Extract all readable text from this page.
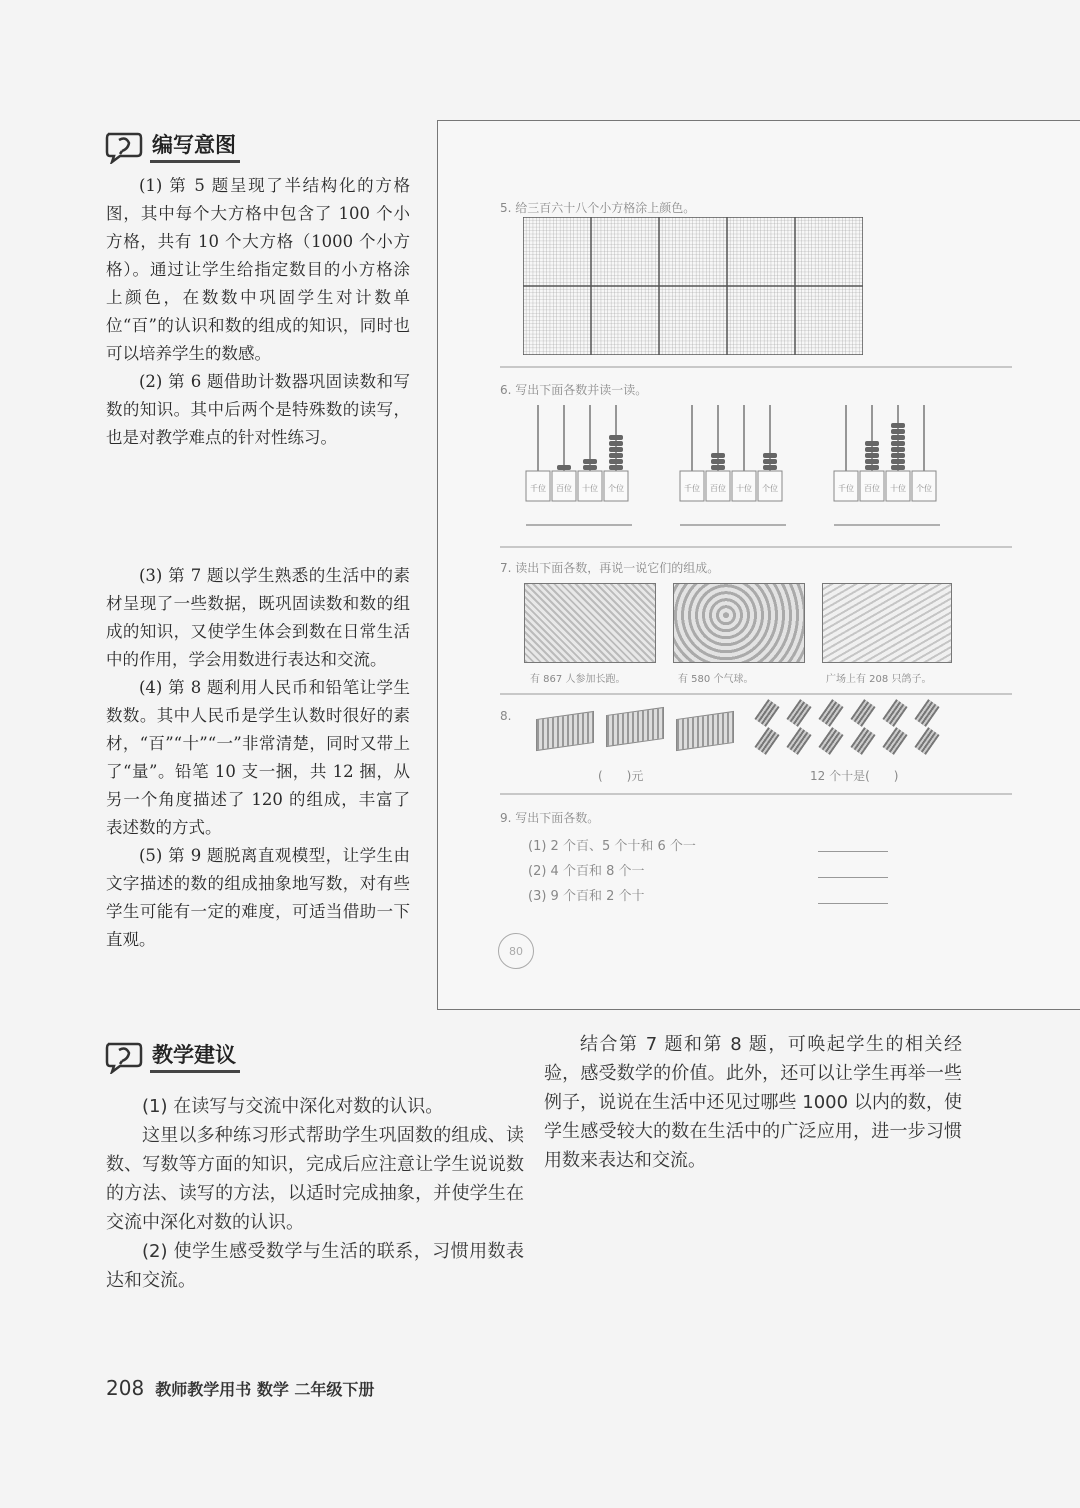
编写意图

(1) 第 5 题呈现了半结构化的方格图，其中每个大方格中包含了 100 个小方格，共有 10 个大方格（1000 个小方格）。通过让学生给指定数目的小方格涂上颜色，在数数中巩固学生对计数单位“百”的认识和数的组成的知识，同时也可以培养学生的数感。

(2) 第 6 题借助计数器巩固读数和写数的知识。其中后两个是特殊数的读写，也是对教学难点的针对性练习。

(3) 第 7 题以学生熟悉的生活中的素材呈现了一些数据，既巩固读数和数的组成的知识，又使学生体会到数在日常生活中的作用，学会用数进行表达和交流。

(4) 第 8 题利用人民币和铅笔让学生数数。其中人民币是学生认数时很好的素材，“百”“十”“一”非常清楚，同时又带上了“量”。铅笔 10 支一捆，共 12 捆，从另一个角度描述了 120 的组成，丰富了表述数的方式。

(5) 第 9 题脱离直观模型，让学生由文字描述的数的组成抽象地写数，对有些学生可能有一定的难度，可适当借助一下直观。

5. 给三百六十八个小方格涂上颜色。
6. 写出下面各数并读一读。
千位 百位 十位 个位	千位 百位 十位 个位	千位 百位 十位 个位
7. 读出下面各数，再说一说它们的组成。
有 867 人参加长跑。	有 580 个气球。	广场上有 208 只鸽子。
8.
(　　)元	12 个十是(　　)
9. 写出下面各数。
(1) 2 个百、5 个十和 6 个一
(2) 4 个百和 8 个一
(3) 9 个百和 2 个十
80
教学建议

(1) 在读写与交流中深化对数的认识。

这里以多种练习形式帮助学生巩固数的组成、读数、写数等方面的知识，完成后应注意让学生说说数的方法、读写的方法，以适时完成抽象，并使学生在交流中深化对数的认识。

(2) 使学生感受数学与生活的联系，习惯用数表达和交流。

结合第 7 题和第 8 题，可唤起学生的相关经验，感受数学的价值。此外，还可以让学生再举一些例子，说说在生活中还见过哪些 1000 以内的数，使学生感受较大的数在生活中的广泛应用，进一步习惯用数来表达和交流。

208 教师教学用书 数学 二年级下册
